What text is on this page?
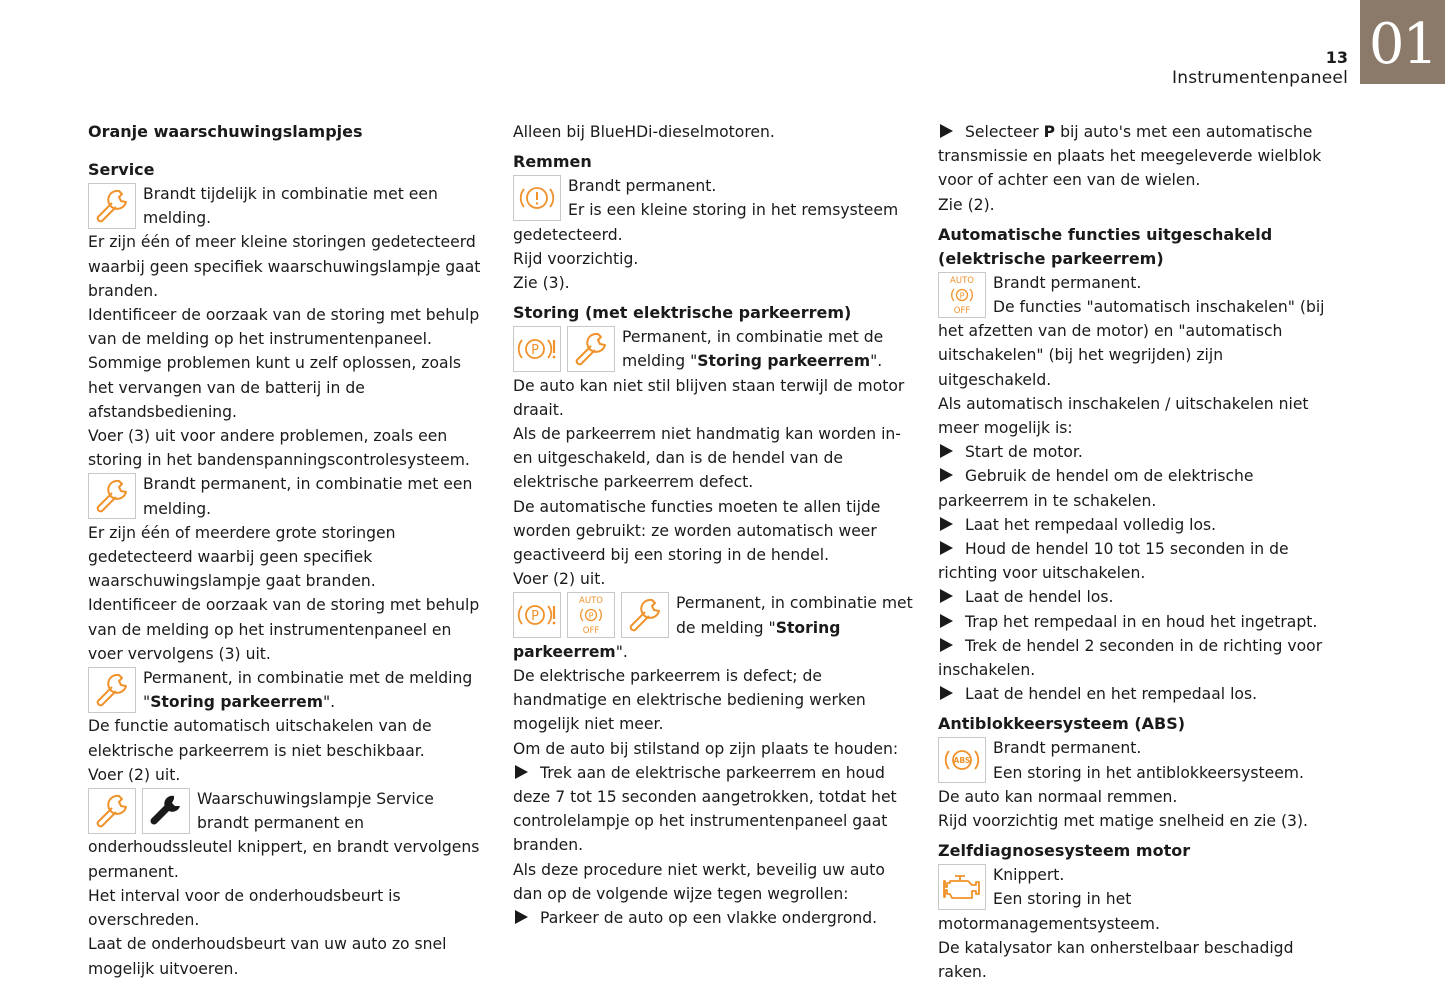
13
Instrumentenpaneel
01
Oranje waarschuwingslampjes
Service

Brandt tijdelijk in combinatie met een melding.

Er zijn één of meer kleine storingen gedetecteerd waarbij geen specifiek waarschuwingslampje gaat branden.

Identificeer de oorzaak van de storing met behulp van de melding op het instrumentenpaneel.

Sommige problemen kunt u zelf oplossen, zoals het vervangen van de batterij in de afstandsbediening.

Voer (3) uit voor andere problemen, zoals een storing in het bandenspanningscontrolesysteem.

Brandt permanent, in combinatie met een melding.

Er zijn één of meerdere grote storingen gedetecteerd waarbij geen specifiek waarschuwingslampje gaat branden.

Identificeer de oorzaak van de storing met behulp van de melding op het instrumentenpaneel en voer vervolgens (3) uit.

Permanent, in combinatie met de melding "Storing parkeerrem".

De functie automatisch uitschakelen van de elektrische parkeerrem is niet beschikbaar.

Voer (2) uit.

Waarschuwingslampje Service brandt permanent en onderhoudssleutel knippert, en brandt vervolgens permanent.

Het interval voor de onderhoudsbeurt is overschreden.

Laat de onderhoudsbeurt van uw auto zo snel mogelijk uitvoeren.

Alleen bij BlueHDi-dieselmotoren.

Remmen

Brandt permanent.

Er is een kleine storing in het remsysteem gedetecteerd.

Rijd voorzichtig.

Zie (3).

Storing (met elektrische parkeerrem)
P

Permanent, in combinatie met de melding "Storing parkeerrem".

De auto kan niet stil blijven staan terwijl de motor draait.

Als de parkeerrem niet handmatig kan worden in- en uitgeschakeld, dan is de hendel van de elektrische parkeerrem defect.

De automatische functies moeten te allen tijde worden gebruikt: ze worden automatisch weer geactiveerd bij een storing in de hendel.

Voer (2) uit.

P
AUTO
P
OFF
Permanent, in combinatie met de melding "Storing parkeerrem".

De elektrische parkeerrem is defect; de handmatige en elektrische bediening werken mogelijk niet meer.

Om de auto bij stilstand op zijn plaats te houden:

Trek aan de elektrische parkeerrem en houd deze 7 tot 15 seconden aangetrokken, totdat het controlelampje op het instrumentenpaneel gaat branden.

Als deze procedure niet werkt, beveilig uw auto dan op de volgende wijze tegen wegrollen:

Parkeer de auto op een vlakke ondergrond.

Selecteer P bij auto's met een automatische transmissie en plaats het meegeleverde wielblok voor of achter een van de wielen.

Zie (2).

Automatische functies uitgeschakeld (elektrische parkeerrem)
AUTO
P
OFF

Brandt permanent.

De functies "automatisch inschakelen" (bij het afzetten van de motor) en "automatisch uitschakelen" (bij het wegrijden) zijn uitgeschakeld.

Als automatisch inschakelen / uitschakelen niet meer mogelijk is:

Start de motor.

Gebruik de hendel om de elektrische parkeerrem in te schakelen.

Laat het rempedaal volledig los.

Houd de hendel 10 tot 15 seconden in de richting voor uitschakelen.

Laat de hendel los.

Trap het rempedaal in en houd het ingetrapt.

Trek de hendel 2 seconden in de richting voor inschakelen.

Laat de hendel en het rempedaal los.

Antiblokkeersysteem (ABS)
ABS

Brandt permanent.

Een storing in het antiblokkeersysteem.

De auto kan normaal remmen.

Rijd voorzichtig met matige snelheid en zie (3).

Zelfdiagnosesysteem motor

Knippert.

Een storing in het motormanagementsysteem.

De katalysator kan onherstelbaar beschadigd raken.
